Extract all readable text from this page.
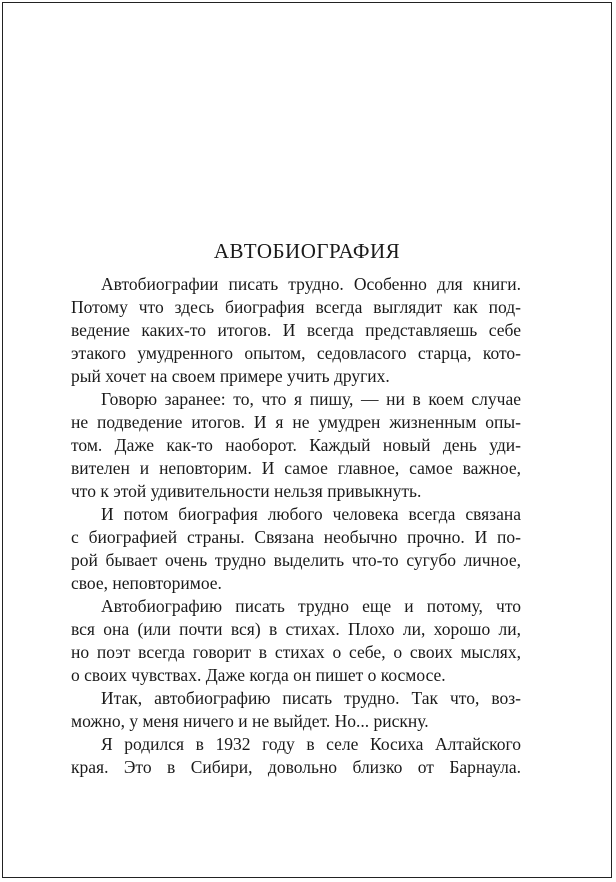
АВТОБИОГРАФИЯ
Автобиографии писать трудно. Особенно для книги.
Потому что здесь биография всегда выглядит как под-
ведение каких-то итогов. И всегда представляешь себе
этакого умудренного опытом, седовласого старца, кото-
рый хочет на своем примере учить других.
Говорю заранее: то, что я пишу, — ни в коем случае
не подведение итогов. И я не умудрен жизненным опы-
том. Даже как-то наоборот. Каждый новый день уди-
вителен и неповторим. И самое главное, самое важное,
что к этой удивительности нельзя привыкнуть.
И потом биография любого человека всегда связана
с биографией страны. Связана необычно прочно. И по-
рой бывает очень трудно выделить что-то сугубо личное,
свое, неповторимое.
Автобиографию писать трудно еще и потому, что
вся она (или почти вся) в стихах. Плохо ли, хорошо ли,
но поэт всегда говорит в стихах о себе, о своих мыслях,
о своих чувствах. Даже когда он пишет о космосе.
Итак, автобиографию писать трудно. Так что, воз-
можно, у меня ничего и не выйдет. Но... рискну.
Я родился в 1932 году в селе Косиха Алтайского
края. Это в Сибири, довольно близко от Барнаула.
